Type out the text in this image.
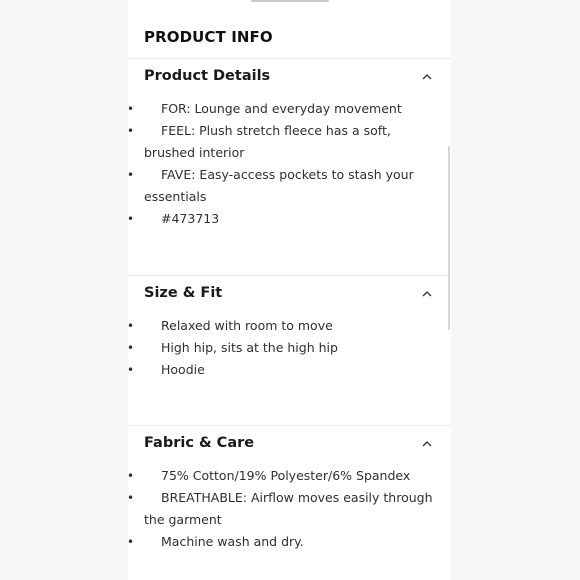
PRODUCT INFO
Product Details
• FOR: Lounge and everyday movement
• FEEL: Plush stretch fleece has a soft, brushed interior
• FAVE: Easy-access pockets to stash your essentials
• #473713
Size & Fit
• Relaxed with room to move
• High hip, sits at the high hip
• Hoodie
Fabric & Care
• 75% Cotton/19% Polyester/6% Spandex
• BREATHABLE: Airflow moves easily through the garment
• Machine wash and dry.
